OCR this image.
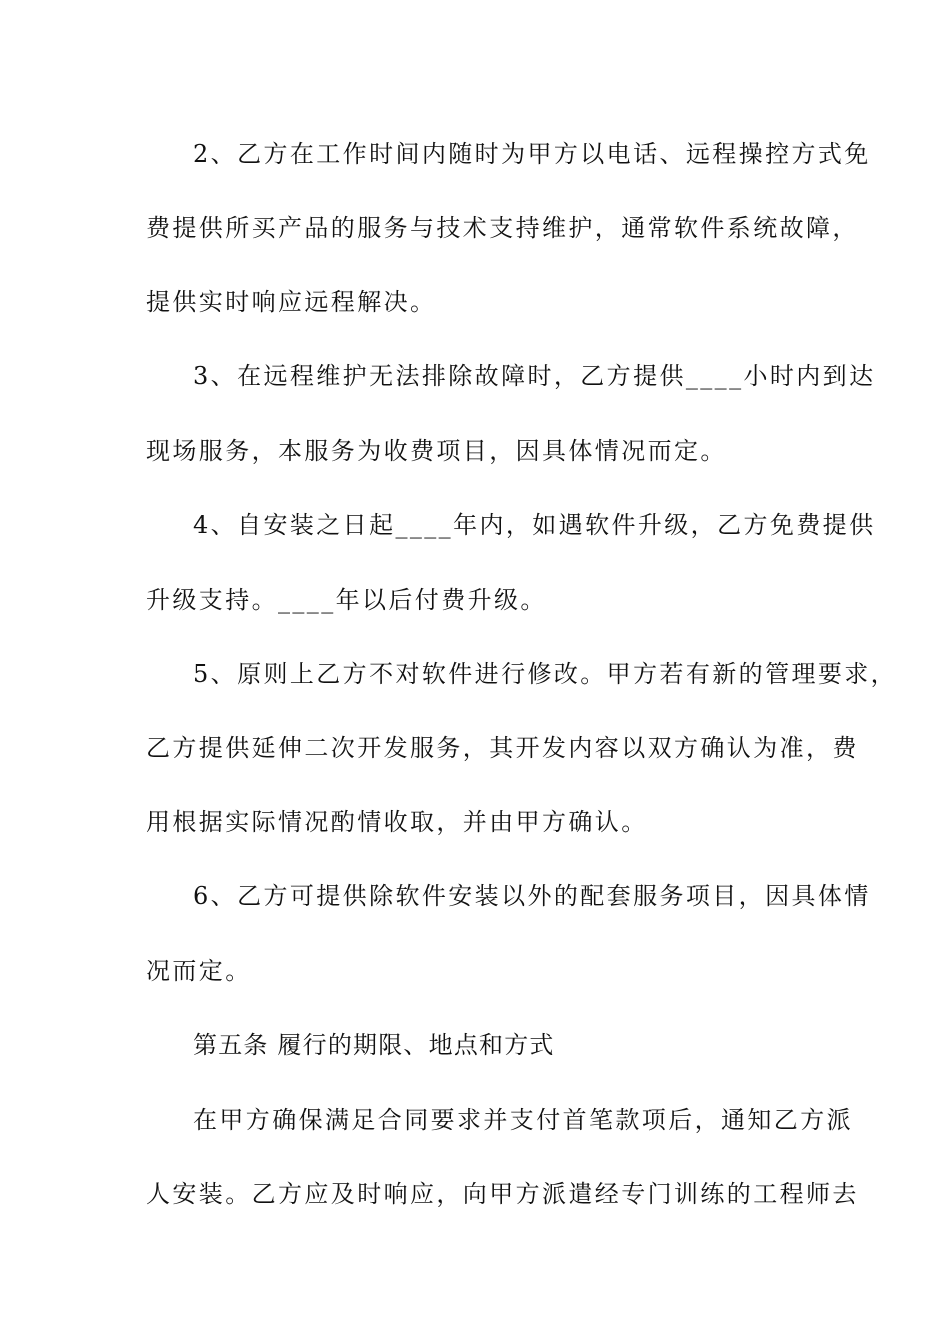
2、乙方在工作时间内随时为甲方以电话、远程操控方式免
费提供所买产品的服务与技术支持维护，通常软件系统故障，
提供实时响应远程解决。
3、在远程维护无法排除故障时，乙方提供____小时内到达
现场服务，本服务为收费项目，因具体情况而定。
4、自安装之日起____年内，如遇软件升级，乙方免费提供
升级支持。____年以后付费升级。
5、原则上乙方不对软件进行修改。甲方若有新的管理要求，
乙方提供延伸二次开发服务，其开发内容以双方确认为准，费
用根据实际情况酌情收取，并由甲方确认。
6、乙方可提供除软件安装以外的配套服务项目，因具体情
况而定。
第五条 履行的期限、地点和方式
在甲方确保满足合同要求并支付首笔款项后，通知乙方派
人安装。乙方应及时响应，向甲方派遣经专门训练的工程师去
